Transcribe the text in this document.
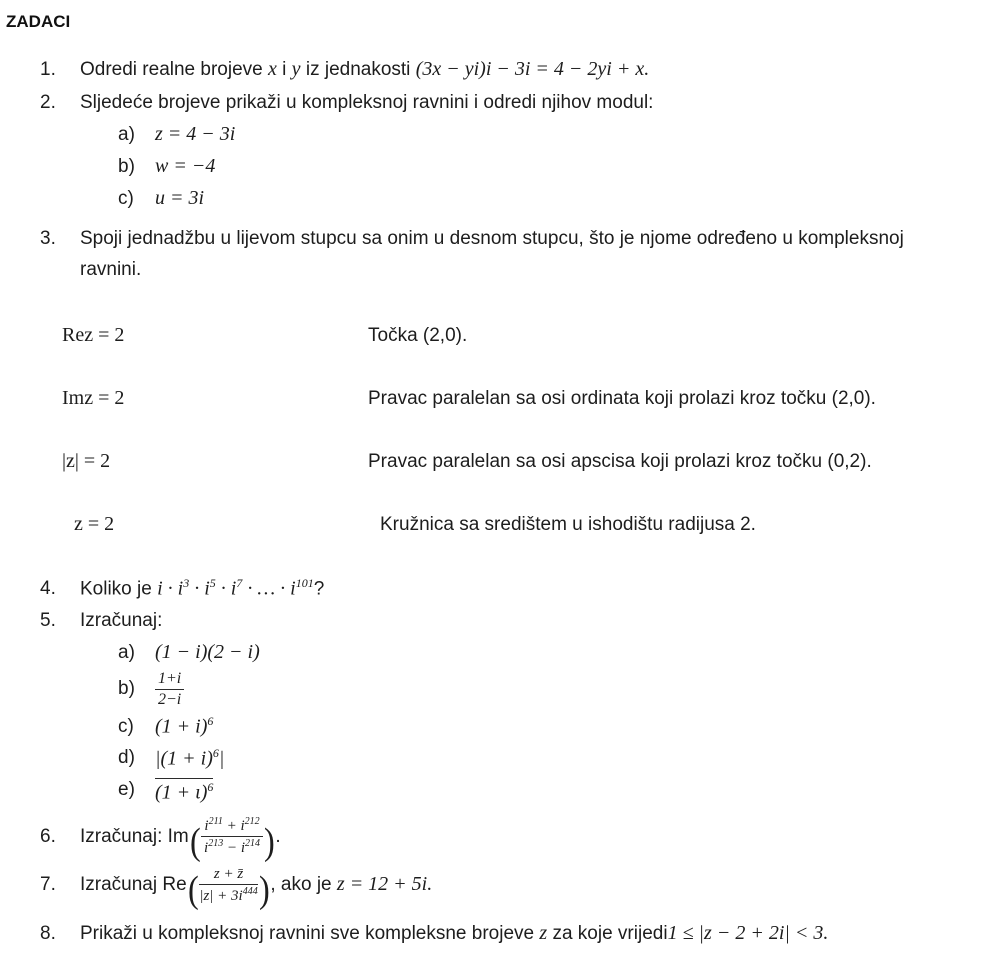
ZADACI
1.	Odredi realne brojeve x i y iz jednakosti (3x − yi)i − 3i = 4 − 2yi + x.
2.	Sljedeće brojeve prikaži u kompleksnoj ravnini i odredi njihov modul:
a)	z = 4 − 3i
b)	w = −4
c)	u = 3i
3.	Spoji jednadžbu u lijevom stupcu sa onim u desnom stupcu, što je njome određeno u kompleksnoj ravnini.
Rez = 2	Točka (2,0).
Imz = 2	Pravac paralelan sa osi ordinata koji prolazi kroz točku (2,0).
|z| = 2	Pravac paralelan sa osi apscisa koji prolazi kroz točku (0,2).
z = 2	Kružnica sa središtem u ishodištu radijusa 2.
4.	Koliko je $i \cdot i^3 \cdot i^5 \cdot i^7$ · … · $i^{101}$?
5.	Izračunaj:
a)	(1 − i)(2 − i)
b)	$\frac{1+i}{2-i}$
c)	$(1 + i)^6$
d)	$|(1 + i)^6|$
e)	$(1 + \iota)^6$
6.	Izračunaj: $Im( \frac{i^{211} + i^{212}}{i^{213} - i^{214}}$ ).
7.	Izračunaj $Re( \frac{z + z̄}{|z| + 3i^{444}}$ ), ako je z = 12 + 5i.
8.	Prikaži u kompleksnoj ravnini sve kompleksne brojeve z za koje vrijedi1 ≤ |z − 2 + 2i| < 3.
